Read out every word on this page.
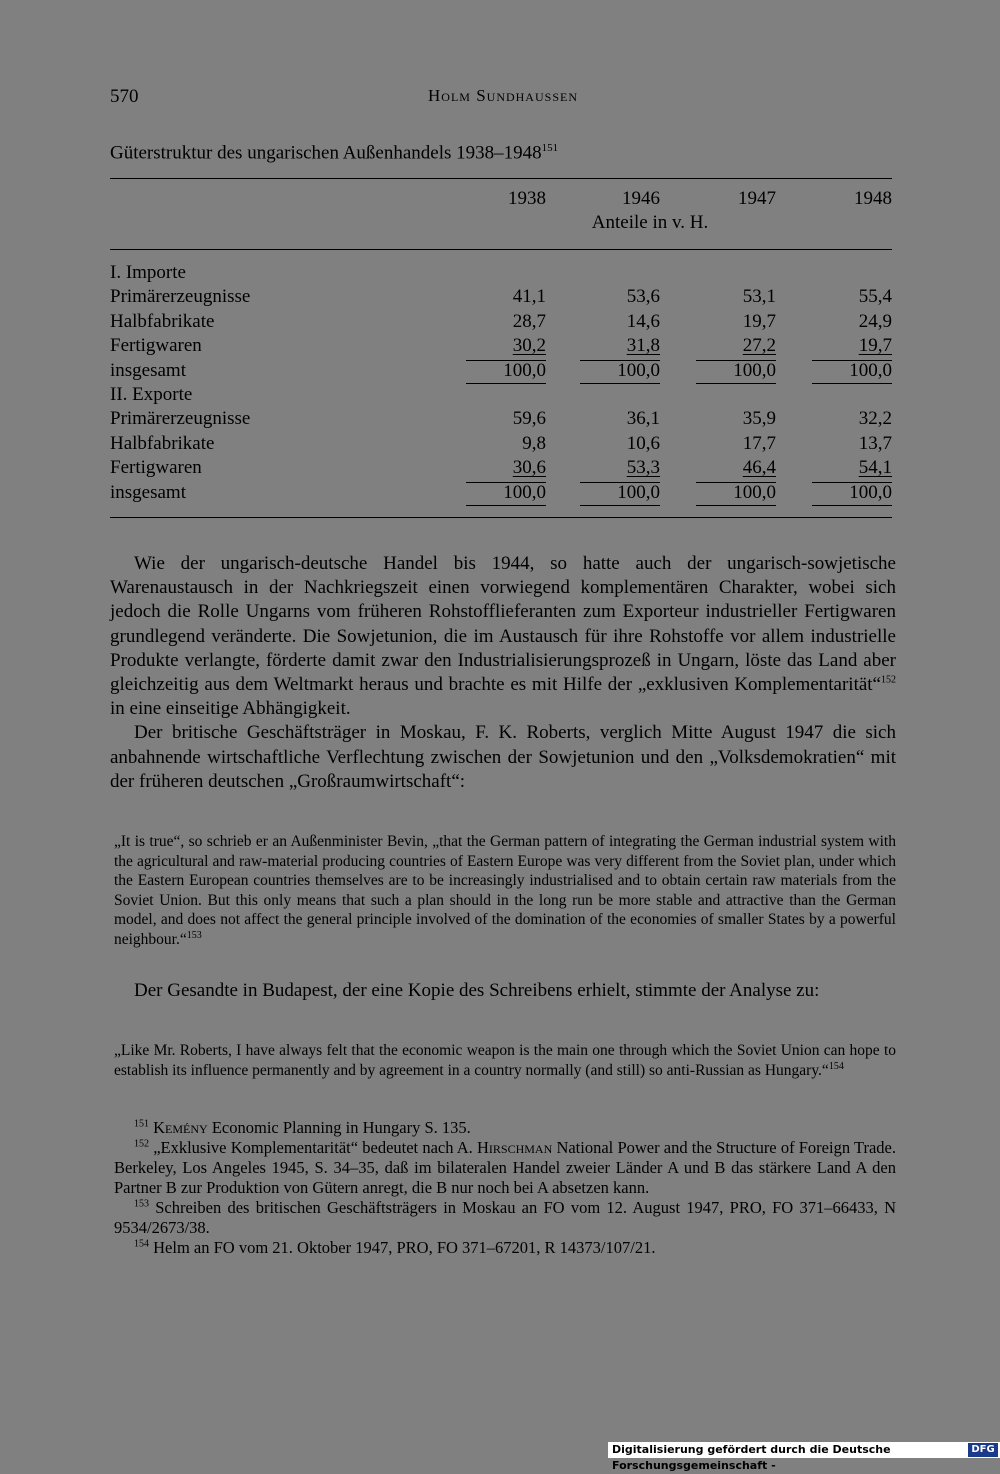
570	Holm Sundhaussen
Güterstruktur des ungarischen Außenhandels 1938–1948$^{151}$
1938	1946	1947	1948
Anteile in v. H.
I. Importe
Primärerzeugnisse	41,1	53,6	53,1	55,4
Halbfabrikate	28,7	14,6	19,7	24,9
Fertigwaren	30,2	31,8	27,2	19,7
insgesamt	100,0	100,0	100,0	100,0
II. Exporte
Primärerzeugnisse	59,6	36,1	35,9	32,2
Halbfabrikate	9,8	10,6	17,7	13,7
Fertigwaren	30,6	53,3	46,4	54,1
insgesamt	100,0	100,0	100,0	100,0

Wie der ungarisch-deutsche Handel bis 1944, so hatte auch der ungarisch-sowjetische Warenaustausch in der Nachkriegszeit einen vorwiegend komplementären Charakter, wobei sich jedoch die Rolle Ungarns vom früheren Rohstofflieferanten zum Exporteur industrieller Fertigwaren grundlegend veränderte. Die Sowjetunion, die im Austausch für ihre Rohstoffe vor allem industrielle Produkte verlangte, förderte damit zwar den Industrialisierungsprozeß in Ungarn, löste das Land aber gleichzeitig aus dem Weltmarkt heraus und brachte es mit Hilfe der „exklusiven Komplementarität“$^{152}$ in eine einseitige Abhängigkeit.

Der britische Geschäftsträger in Moskau, F. K. Roberts, verglich Mitte August 1947 die sich anbahnende wirtschaftliche Verflechtung zwischen der Sowjetunion und den „Volksdemokratien“ mit der früheren deutschen „Großraumwirtschaft“:

„It is true“, so schrieb er an Außenminister Bevin, „that the German pattern of integrating the German industrial system with the agricultural and raw-material producing countries of Eastern Europe was very different from the Soviet plan, under which the Eastern European countries themselves are to be increasingly industrialised and to obtain certain raw materials from the Soviet Union. But this only means that such a plan should in the long run be more stable and attractive than the German model, and does not affect the general principle involved of the domination of the economies of smaller States by a powerful neighbour.“$^{153}$

Der Gesandte in Budapest, der eine Kopie des Schreibens erhielt, stimmte der Analyse zu:

„Like Mr. Roberts, I have always felt that the economic weapon is the main one through which the Soviet Union can hope to establish its influence permanently and by agreement in a country normally (and still) so anti-Russian as Hungary.“$^{154}$

$^{151}$ Kemény Economic Planning in Hungary S. 135.

$^{152}$ „Exklusive Komplementarität“ bedeutet nach A. Hirschman National Power and the Structure of Foreign Trade. Berkeley, Los Angeles 1945, S. 34–35, daß im bilateralen Handel zweier Länder A und B das stärkere Land A den Partner B zur Produktion von Gütern anregt, die B nur noch bei A absetzen kann.

$^{153}$ Schreiben des britischen Geschäftsträgers in Moskau an FO vom 12. August 1947, PRO, FO 371–66433, N 9534/2673/38.

$^{154}$ Helm an FO vom 21. Oktober 1947, PRO, FO 371–67201, R 14373/107/21.

Digitalisierung gefördert durch die Deutsche Forschungsgemeinschaft -
DFG
